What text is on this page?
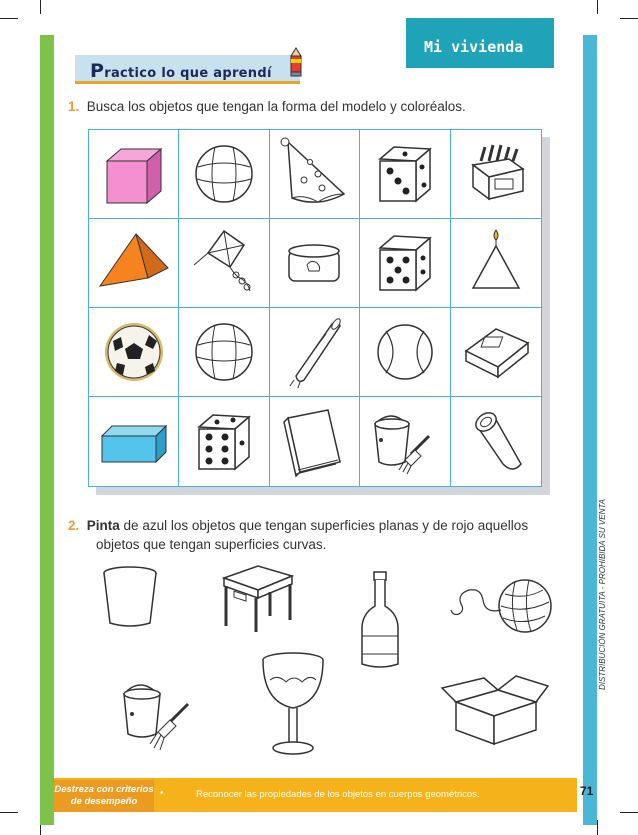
Mi vivienda
Practico lo que aprendí
1. Busca los objetos que tengan la forma del modelo y coloréalos.
2. Pinta de azul los objetos que tengan superficies planas y de rojo aquellos
objetos que tengan superficies curvas.	DISTRIBUCIÓN GRATUITA - PROHIBIDA SU VENTA
Destreza con criterios
de desempeño
•	Reconocer las propiedades de los objetos en cuerpos geométricos.	71
